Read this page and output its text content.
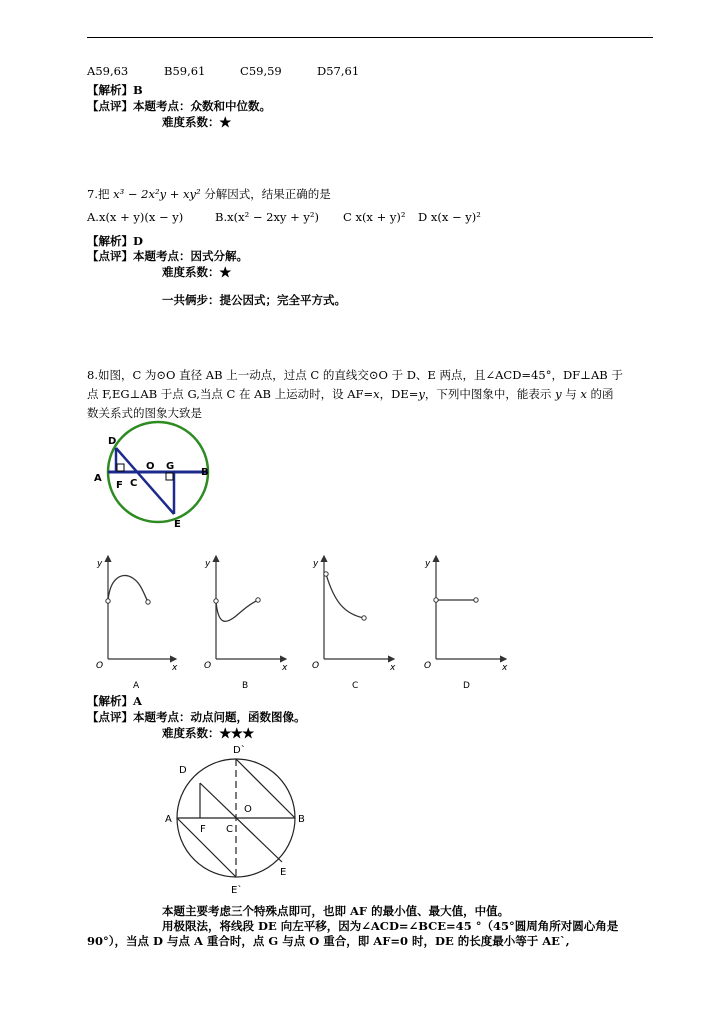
A59,63	B59,61	C59,59	D57,61
【解析】B
【点评】本题考点：众数和中位数。
难度系数：★
7.把 x³ − 2x²y + xy² 分解因式，结果正确的是
A.x(x + y)(x − y)	B.x(x² − 2xy + y²) C x(x + y)² D x(x − y)²
【解析】D
【点评】本题考点：因式分解。
难度系数：★
一共俩步：提公因式；完全平方式。
8.如图，C 为⊙O 直径 AB 上一动点，过点 C 的直线交⊙O 于 D、E 两点，且∠ACD=45°，DF⊥AB 于
点 F,EG⊥AB 于点 G,当点 C 在 AB 上运动时，设 AF=x，DE=y，下列中图象中，能表示 y 与 x 的函
数关系式的图象大致是
D
A
F C
O G
B
E
y
x
O
A
y
x
O
B
y
x
O
C
y
x
O
D
【解析】A
【点评】本题考点：动点问题，函数图像。
难度系数：★★★
D`
D
A
F C
O
B
E
E`
本题主要考虑三个特殊点即可，也即 AF 的最小值、最大值，中值。
用极限法，将线段 DE 向左平移，因为∠ACD=∠BCE=45 °（45°圆周角所对圆心角是
90°），当点 D 与点 A 重合时，点 G 与点 O 重合，即 AF=0 时，DE 的长度最小等于 AE`,
